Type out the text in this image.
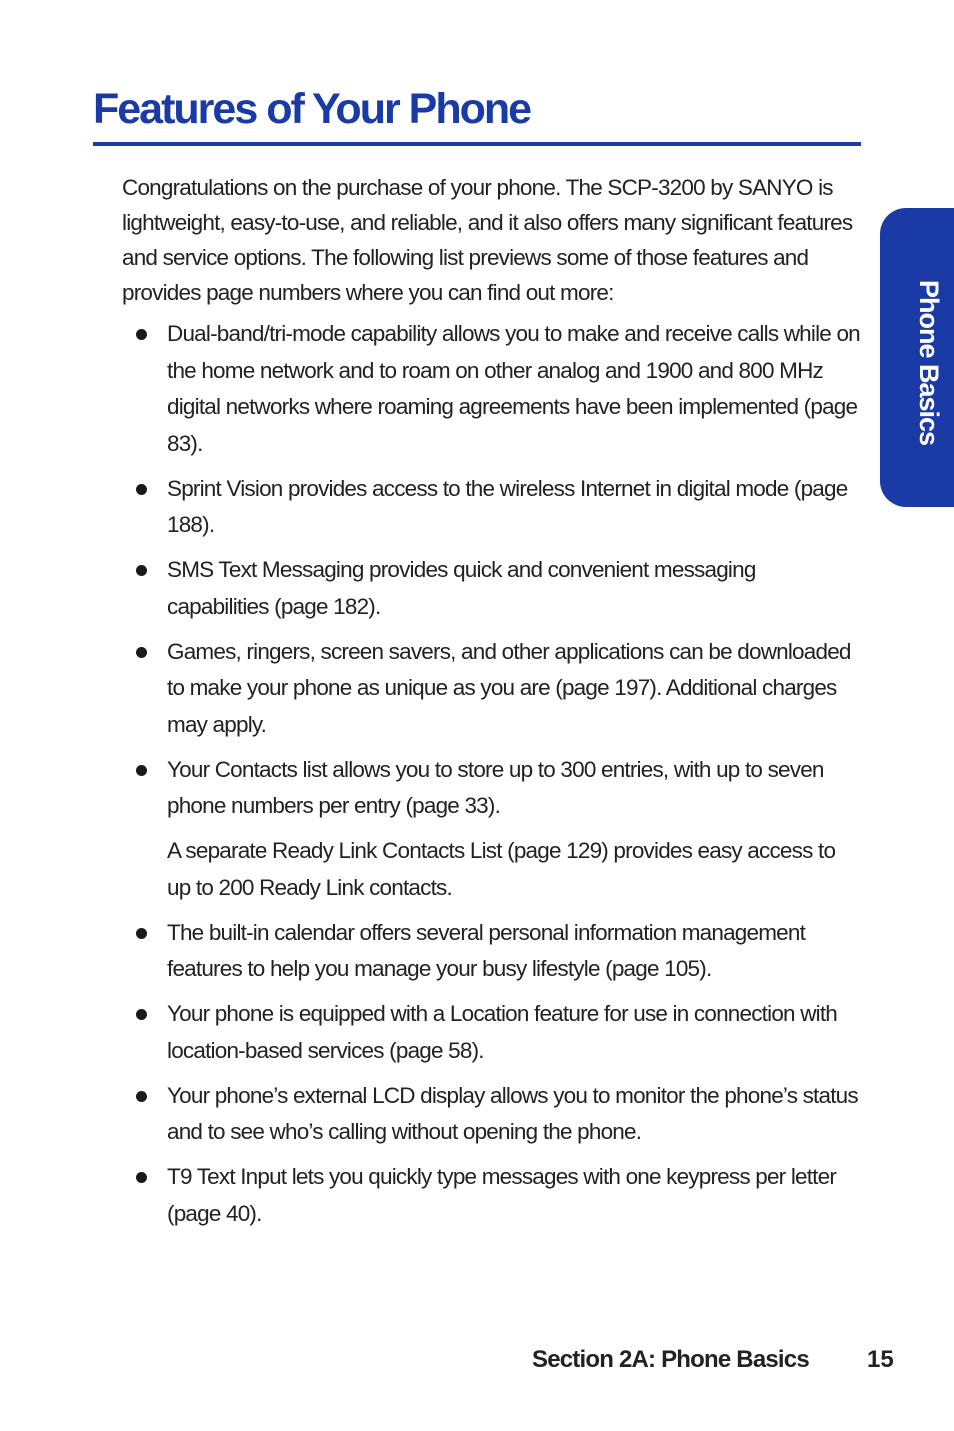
Features of Your Phone
Phone Basics

Congratulations on the purchase of your phone. The SCP-3200 by SANYO is lightweight, easy-to-use, and reliable, and it also offers many significant features and service options. The following list previews some of those features and provides page numbers where you can find out more:

Dual-band/tri-mode capability allows you to make and receive calls while on the home network and to roam on other analog and 1900 and 800 MHz digital networks where roaming agreements have been implemented (page 83).
Sprint Vision provides access to the wireless Internet in digital mode (page 188).
SMS Text Messaging provides quick and convenient messaging capabilities (page 182).
Games, ringers, screen savers, and other applications can be downloaded to make your phone as unique as you are (page 197). Additional charges may apply.
Your Contacts list allows you to store up to 300 entries, with up to seven phone numbers per entry (page 33).
A separate Ready Link Contacts List (page 129) provides easy access to up to 200 Ready Link contacts.
The built-in calendar offers several personal information management features to help you manage your busy lifestyle (page 105).
Your phone is equipped with a Location feature for use in connection with location-based services (page 58).
Your phone’s external LCD display allows you to monitor the phone’s status and to see who’s calling without opening the phone.
T9 Text Input lets you quickly type messages with one keypress per letter (page 40).
Section 2A: Phone Basics 15
